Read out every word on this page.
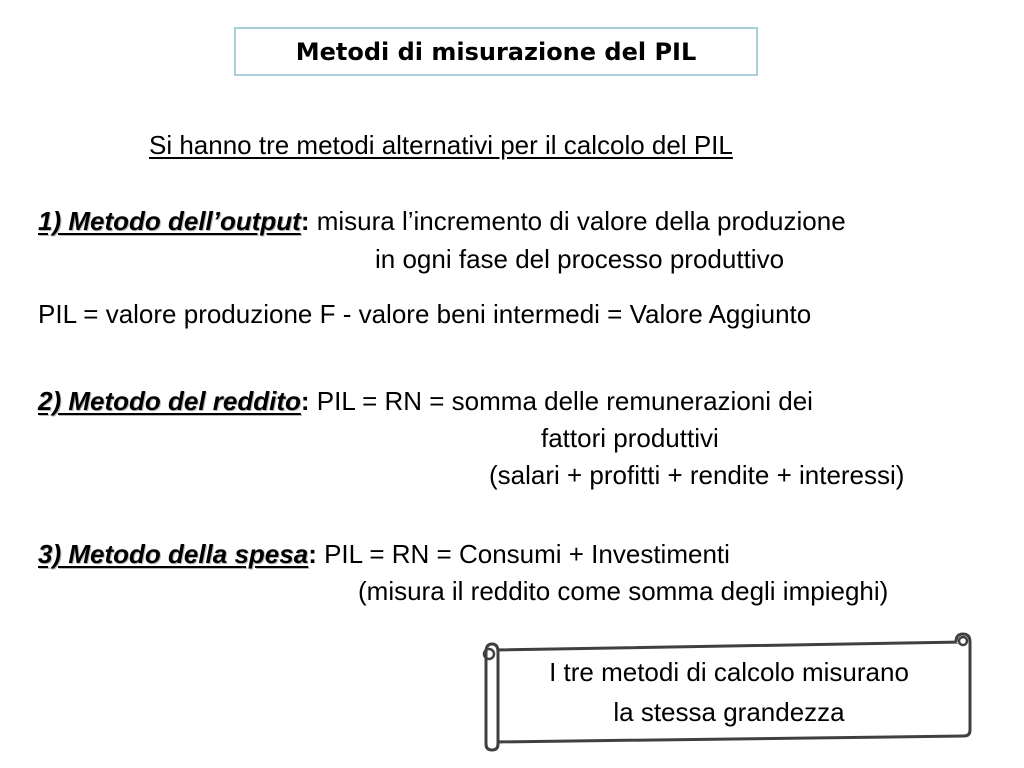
Metodi di misurazione del PIL
Si hanno tre metodi alternativi per il calcolo del PIL
1) Metodo dell’output: misura l’incremento di valore della produzione
in ogni fase del processo produttivo
PIL = valore produzione F - valore beni intermedi = Valore Aggiunto
2) Metodo del reddito: PIL = RN = somma delle remunerazioni dei
fattori produttivi
(salari + profitti + rendite + interessi)
3) Metodo della spesa: PIL = RN = Consumi + Investimenti
(misura il reddito come somma degli impieghi)
I tre metodi di calcolo misurano
la stessa grandezza
